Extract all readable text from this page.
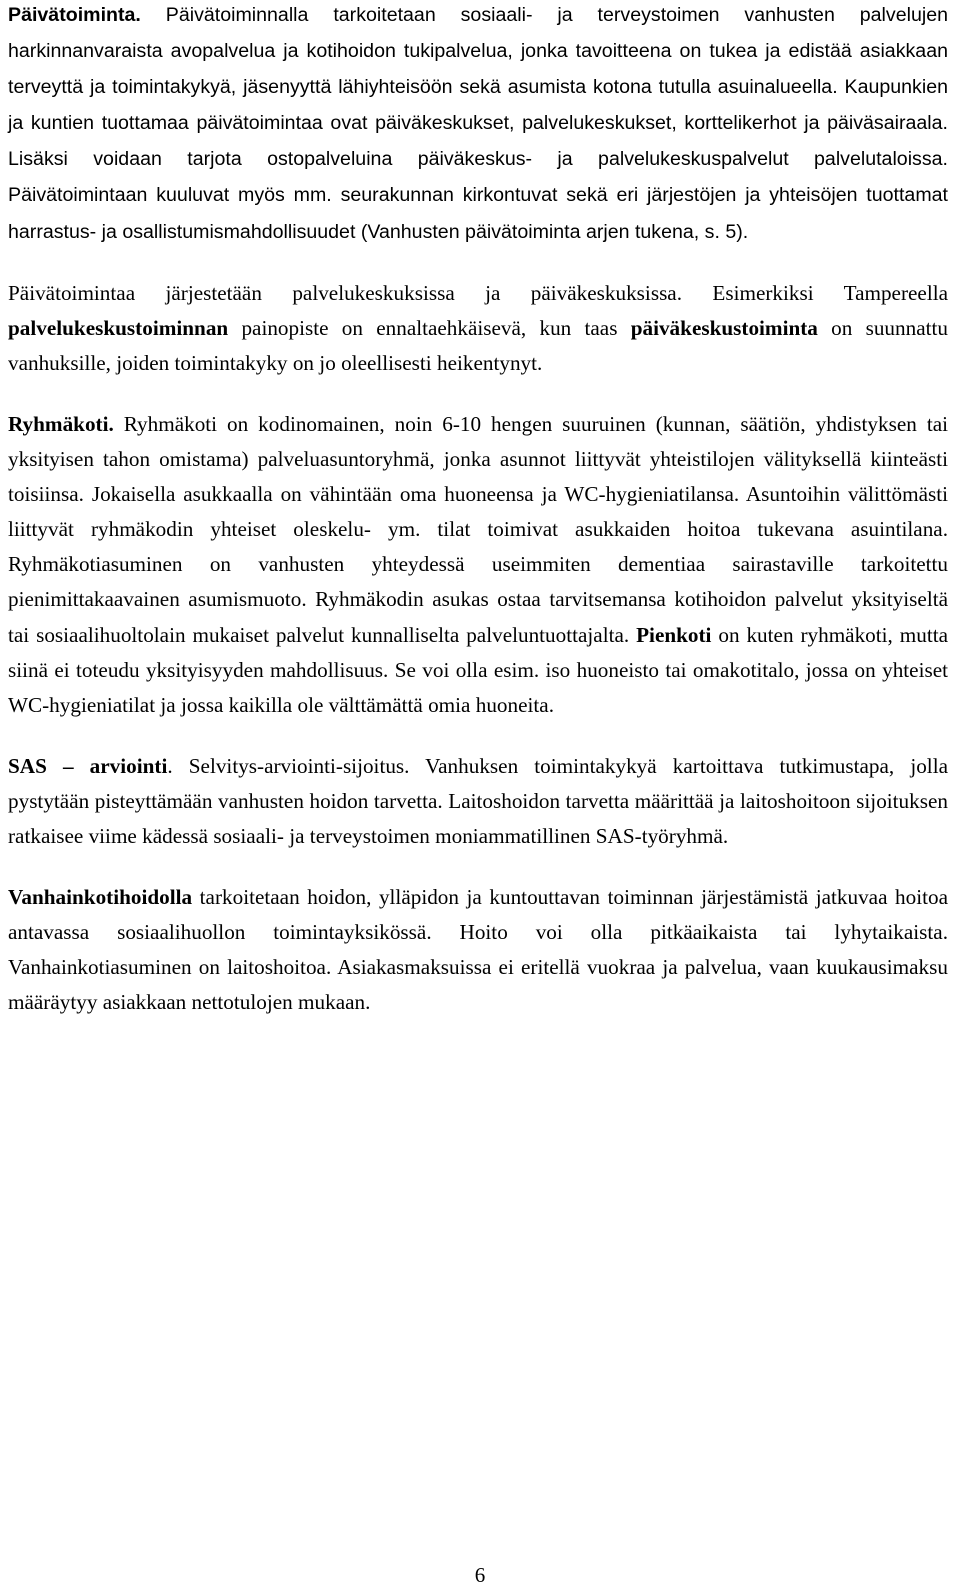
Päivätoiminta. Päivätoiminnalla tarkoitetaan sosiaali- ja terveystoimen vanhusten palvelujen harkinnanvaraista avopalvelua ja kotihoidon tukipalvelua, jonka tavoitteena on tukea ja edistää asiakkaan terveyttä ja toimintakykyä, jäsenyyttä lähiyhteisöön sekä asumista kotona tutulla asuinalueella. Kaupunkien ja kuntien tuottamaa päivätoimintaa ovat päiväkeskukset, palvelukeskukset, korttelikerhot ja päiväsairaala. Lisäksi voidaan tarjota ostopalveluina päiväkeskus- ja palvelukeskuspalvelut palvelutaloissa. Päivätoimintaan kuuluvat myös mm. seurakunnan kirkontuvat sekä eri järjestöjen ja yhteisöjen tuottamat harrastus- ja osallistumismahdollisuudet (Vanhusten päivätoiminta arjen tukena, s. 5).

Päivätoimintaa järjestetään palvelukeskuksissa ja päiväkeskuksissa. Esimerkiksi Tampereella palvelukeskustoiminnan painopiste on ennaltaehkäisevä, kun taas päiväkeskustoiminta on suunnattu vanhuksille, joiden toimintakyky on jo oleellisesti heikentynyt.

Ryhmäkoti. Ryhmäkoti on kodinomainen, noin 6-10 hengen suuruinen (kunnan, säätiön, yhdistyksen tai yksityisen tahon omistama) palveluasuntoryhmä, jonka asunnot liittyvät yhteistilojen välityksellä kiinteästi toisiinsa. Jokaisella asukkaalla on vähintään oma huoneensa ja WC-hygieniatilansa. Asuntoihin välittömästi liittyvät ryhmäkodin yhteiset oleskelu- ym. tilat toimivat asukkaiden hoitoa tukevana asuintilana. Ryhmäkotiasuminen on vanhusten yhteydessä useimmiten dementiaa sairastaville tarkoitettu pienimittakaavainen asumismuoto. Ryhmäkodin asukas ostaa tarvitsemansa kotihoidon palvelut yksityiseltä tai sosiaalihuoltolain mukaiset palvelut kunnalliselta palveluntuottajalta. Pienkoti on kuten ryhmäkoti, mutta siinä ei toteudu yksityisyyden mahdollisuus. Se voi olla esim. iso huoneisto tai omakotitalo, jossa on yhteiset WC-hygieniatilat ja jossa kaikilla ole välttämättä omia huoneita.

SAS – arviointi. Selvitys-arviointi-sijoitus. Vanhuksen toimintakykyä kartoittava tutkimustapa, jolla pystytään pisteyttämään vanhusten hoidon tarvetta. Laitoshoidon tarvetta määrittää ja laitoshoitoon sijoituksen ratkaisee viime kädessä sosiaali- ja terveystoimen moniammatillinen SAS-työryhmä.

Vanhainkotihoidolla tarkoitetaan hoidon, ylläpidon ja kuntouttavan toiminnan järjestämistä jatkuvaa hoitoa antavassa sosiaalihuollon toimintayksikössä. Hoito voi olla pitkäaikaista tai lyhytaikaista. Vanhainkotiasuminen on laitoshoitoa. Asiakasmaksuissa ei eritellä vuokraa ja palvelua, vaan kuukausimaksu määräytyy asiakkaan nettotulojen mukaan.

6
